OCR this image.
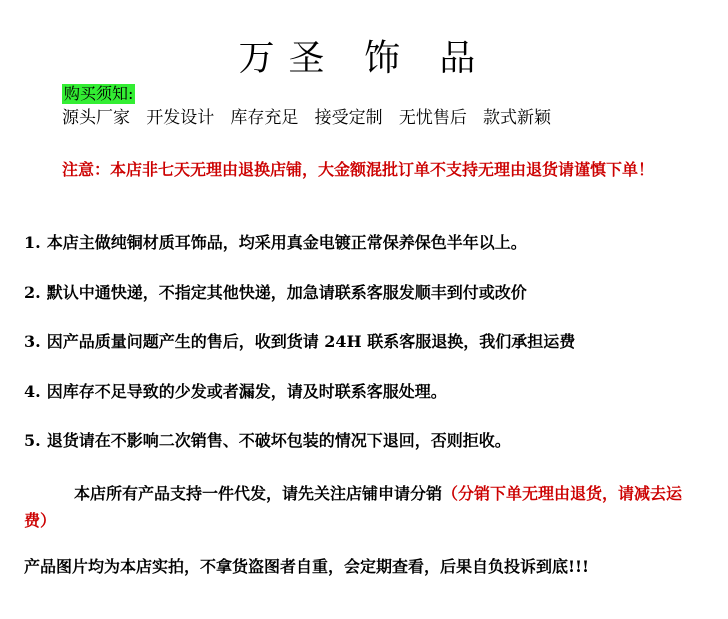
万圣 饰 品
购买须知:
源头厂家   开发设计   库存充足   接受定制   无忧售后   款式新颖
注意：本店非七天无理由退换店铺，大金额混批订单不支持无理由退货请谨慎下单！
1. 本店主做纯铜材质耳饰品，均采用真金电镀正常保养保色半年以上。
2. 默认中通快递，不指定其他快递，加急请联系客服发顺丰到付或改价
3. 因产品质量问题产生的售后，收到货请 24H 联系客服退换，我们承担运费
4. 因库存不足导致的少发或者漏发，请及时联系客服处理。
5. 退货请在不影响二次销售、不破坏包装的情况下退回，否则拒收。
本店所有产品支持一件代发，请先关注店铺申请分销（分销下单无理由退货，请减去运费）
产品图片均为本店实拍，不拿货盗图者自重，会定期查看，后果自负投诉到底!!!
